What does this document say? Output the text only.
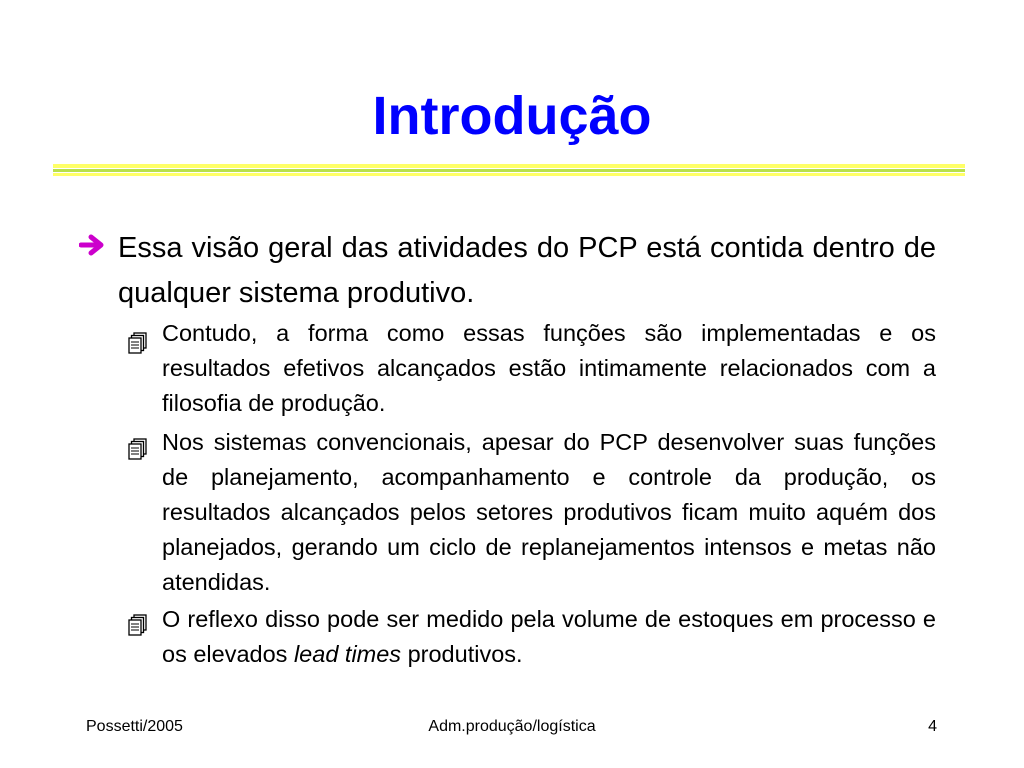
Introdução
Essa visão geral das atividades do PCP está contida dentro de qualquer sistema produtivo.
Contudo, a forma como essas funções são implementadas e os resultados efetivos alcançados estão intimamente relacionados com a filosofia de produção.
Nos sistemas convencionais, apesar do PCP desenvolver suas funções de planejamento, acompanhamento e controle da produção, os resultados alcançados pelos setores produtivos ficam muito aquém dos planejados, gerando um ciclo de replanejamentos intensos e metas não atendidas.
O reflexo disso pode ser medido pela volume de estoques em processo e os elevados lead times produtivos.
Possetti/2005	Adm.produção/logística	4
